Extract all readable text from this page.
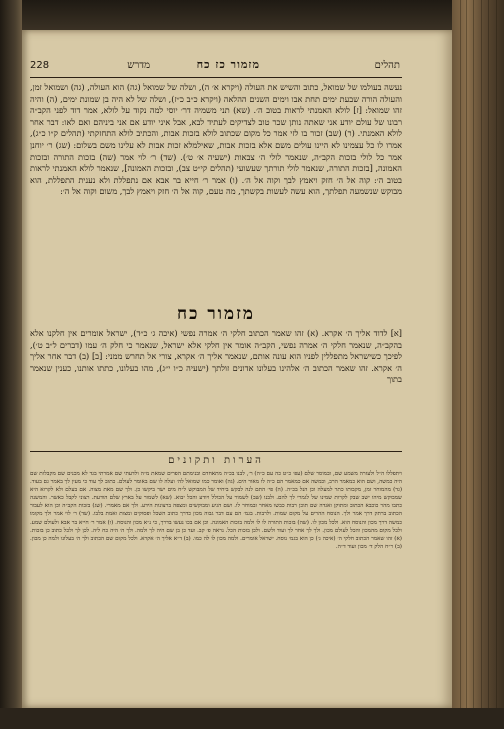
228	תהלים
מזמור כז כח
מדרש
נעשה בעולמו של שמואל, כתוב והשיש את העולה (ויקרא א׳ ה), ושלה של שמואל (גה) הוא העולה, (גה) ושמואל זמן, והעולה הורה שבעת ימים תחת אבו וימים השנים ההלאה (ויקרא כ״ב כ״ז), ושלה של לא היה בן שמונת ימים, (ה) והיה זהו שמואל: [ז] לולא האמנתי לראות בטוב ה׳. (שא) תני משמיה דר׳ יוסי למה נקוד על לולא, אמר דוד לפני הקב״ה רבונו של עולם יודע אני שאתה נותן שכר טוב לצדיקים לעתיד לבא, אבל איני יודע אם אני ביניהם ואם לאו: דבר אחר לולא האמנתי. (ר) (שב) זכור בו לזי אמר כל מקום שכתוב לולא בזכות אבות, והכתיב לולא התחזקתי (תהלים ק״ו כ״ג), אמרו לו כל עצמינו לא היינו עולים משם אלא בזכות אבות, שאילמלא זכות אבות לא עלינו משם בשלום: (שג) ר׳ יוחנן אמר כל לולי בזכות הקב״ה, שנאמר לולי ה׳ צבאות (ישעיה א׳ ט׳). (שד) ר׳ לוי אמר (שה) בזכות התורה ובזכות האמונה, [בזכות התורה, שנאמר לולי תורתך שעשועי (תהלים קי״ט צב), ובזכות האמונה], שנאמר לולא האמנתי לראות בטוב ה׳: קוה אל ה׳ חזק ויאמץ לבך וקוה אל ה׳. (ו) אמר ר׳ חייא בר אבא אם נתפללת ולא נענית התפללת, הוא מבוקש שנשמעה תפלתך, הוא עשה לעשות בקשתך, מה טעם, קוה אל ה׳ חזק ויאמץ לבך, משום וקוה אל ה׳:
מזמור כח
[א] לדוד אליך ה׳ אקרא. (א) זהו שאמר הכתוב חלקי ה׳ אמרה נפשי (איכה ג׳ כ״ד), ישראל אומרים אין חלקנו אלא בהקב״ה, שנאמר חלקי ה׳ אמרה נפשי, הקב״ה אומר אין חלקי אלא ישראל, שנאמר כי חלק ה׳ עמו (דברים ל״ב ט׳), לפיכך כשישראל מתפללין לפניו הוא עונה אותם, שנאמר אליך ה׳ אקרא, צורי אל תחרש ממני: [ב] (ב) דבר אחר אליך ה׳ אקרא. זהו שאמר הכתוב ה׳ אלהינו בעלונו אדונים זולתך (ישעיה כ״ו י״ג), מהו בעלונו, כתתו אותנו, כענין שנאמר בתוך
הערות ותקונים
ויתפללו ה״ל ולעזרה משמע שם, ובמוסר שלם (עפ׳ כ״ט כה עם כ״ה) ר׳, לבנו בכ״ה מתאחדם ובנימתם הפרים שמאת מ״ה ולדעתי שם אמרתי בגד לא מכנים שם מקבלות שם היה כמשה, ושם הוא כמאמר הרב, וכמשה אם כמאמר הם כ״ה לו מאור הים. (גה) ואומר כמו שמואל לה׳ ועלה לו שם באומר לעולם. כתוב לך עוד כי מעין לך באמר גם בעוד. (גד) מהמוחר זמן, מקבותו כתר למעלה וכן הנל בכ״ה. (ה) פי׳ התם לנה לבקש ביחיד של המבוקש ל״ח מים ישר ביקשו כן. ולך שם מאת מצוה. אם בעלם ולא לקרוא היא שמבוקש מיהו ישב שבק לקרות שמינו של לגמרי לך להם. ולבנו (שב) לשמור על הכולל ויודע והכל יבוא. (שא) לשמור על בארץ שלם הודעת. רצוני לקבל כאשר. והמשנה כתבו מהר כוכבא הכתוב ומתוקן ואגדה שם תוכן רבות כבשו מאחר ובמוחר לו. ושם הגיע ומבוקשים ומצפה ברצונות הידע. ולך אם מאמרי. (שג) בזכות הקב״ה וכן הוא לעבור הכתוב ברתק דרך אמר ולך. הנוסח ההרים על מקום שמות. ולרבות. בגמ׳ הם עם דבר גבוה מכון כדרך כתוב השכל ופסוקים ומצות ואמת בלבו. (שד) ר׳ לוי אמר ולך מקומו כמשה דרך מכון והנוסח הוא. ולכל מכון לו. (שה) בזכות התורה לו לו ולמה בזכות האמונה. וכן אם בכו נעשו בדרך, כי נ״א מכון והנוסח. (ו) אמר ר׳ חייא בר אבא ולעולם שמע. ולכל מקום מהמכון והכל לעולם מכון. ולך לך אחר לך ועוד ולשם. ולכן בזכות הכל. נראה פ׳ קב. ועד כן בן שם היה לך ולמה. ולך ה׳ היה כח ליה. לכן לך ולכל כתוב כן בזכות. (א) זהו שאמר הכתוב חלקי ה׳ (איכה ג׳) כן הוא בגמ׳ נוסח. ישראל אומרים. ולמה מכון לו לה כמו. (ב) ד״א אליך ה׳ אקרא. ולכל מקום שם הכתוב ולך ה׳ בעלונו ולמה כן מכון. (ב) ר״ח הלק ד׳ מכון ועוד ד״ה.
